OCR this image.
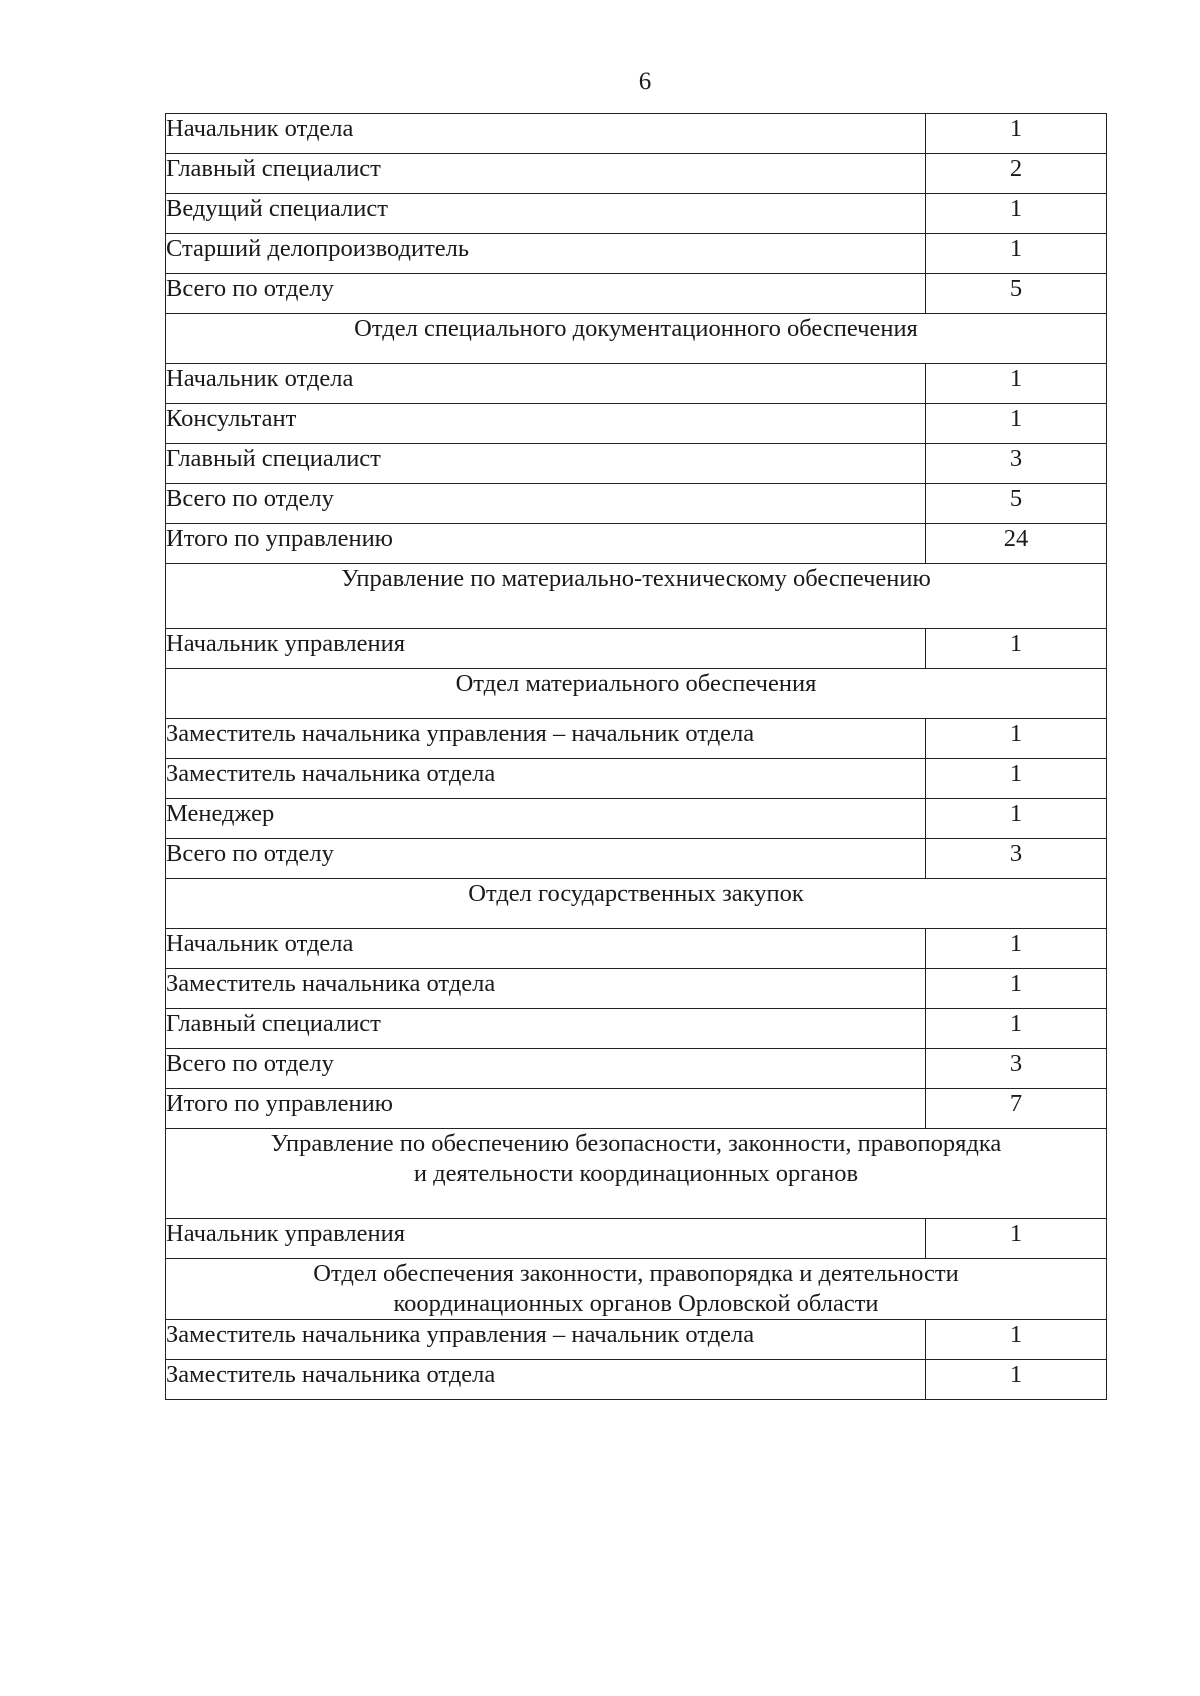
6
Начальник отдела	1
Главный специалист	2
Ведущий специалист	1
Старший делопроизводитель	1
Всего по отделу	5

Отдел специального документационного обеспечения	

Начальник отдела	1
Консультант	1
Главный специалист	3
Всего по отделу	5
Итого по управлению	24

Управление по материально-техническому обеспечению	

Начальник управления	1

Отдел материального обеспечения	

Заместитель начальника управления – начальник отдела	1
Заместитель начальника отдела	1
Менеджер	1
Всего по отделу	3

Отдел государственных закупок	

Начальник отдела	1
Заместитель начальника отдела	1
Главный специалист	1
Всего по отделу	3
Итого по управлению	7

Управление по обеспечению безопасности, законности, правопорядка
и деятельности координационных органов	

Начальник управления	1

Отдел обеспечения законности, правопорядка и деятельности
координационных органов Орловской области	

Заместитель начальника управления – начальник отдела	1
Заместитель начальника отдела	1
